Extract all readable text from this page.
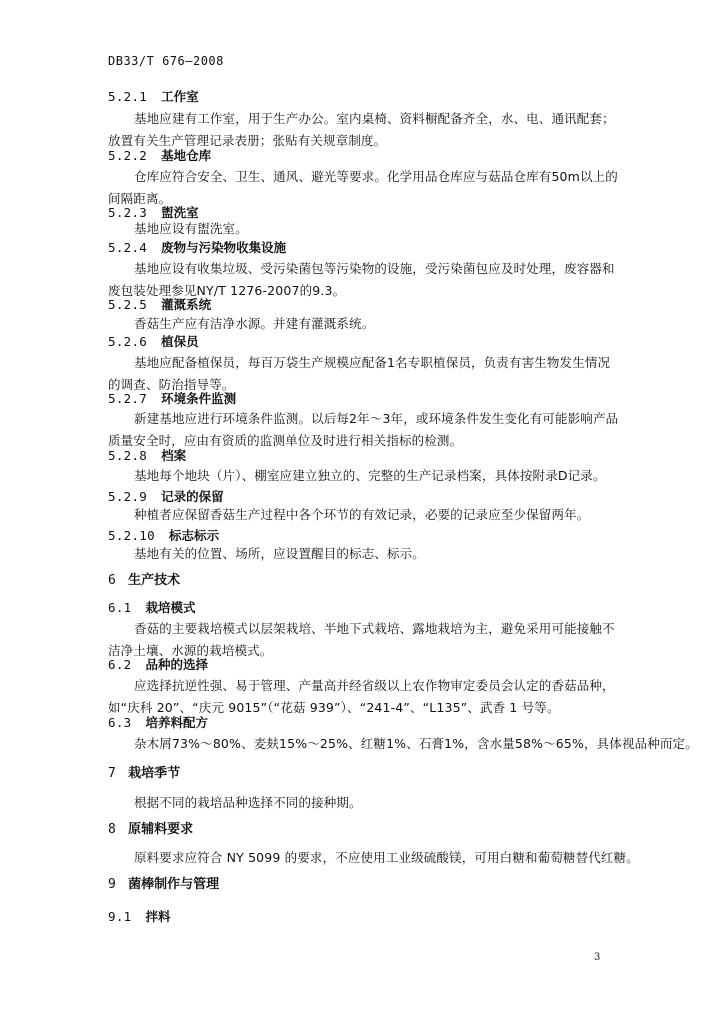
DB33/T 676—2008
5.2.1 工作室
基地应建有工作室，用于生产办公。室内桌椅、资料橱配备齐全，水、电、通讯配套；
放置有关生产管理记录表册；张贴有关规章制度。
5.2.2 基地仓库
仓库应符合安全、卫生、通风、避光等要求。化学用品仓库应与菇品仓库有50m以上的
间隔距离。
5.2.3 盥洗室
基地应设有盥洗室。
5.2.4 废物与污染物收集设施
基地应设有收集垃圾、受污染菌包等污染物的设施，受污染菌包应及时处理，废容器和
废包装处理参见NY/T 1276-2007的9.3。
5.2.5 灌溉系统
香菇生产应有洁净水源。并建有灌溉系统。
5.2.6 植保员
基地应配备植保员，每百万袋生产规模应配备1名专职植保员，负责有害生物发生情况
的调查、防治指导等。
5.2.7 环境条件监测
新建基地应进行环境条件监测。以后每2年～3年，或环境条件发生变化有可能影响产品
质量安全时，应由有资质的监测单位及时进行相关指标的检测。
5.2.8 档案
基地每个地块（片）、棚室应建立独立的、完整的生产记录档案，具体按附录D记录。
5.2.9 记录的保留
种植者应保留香菇生产过程中各个环节的有效记录，必要的记录应至少保留两年。
5.2.10 标志标示
基地有关的位置、场所，应设置醒目的标志、标示。
6 生产技术
6.1 栽培模式
香菇的主要栽培模式以层架栽培、半地下式栽培、露地栽培为主，避免采用可能接触不
洁净土壤、水源的栽培模式。
6.2 品种的选择
应选择抗逆性强、易于管理、产量高并经省级以上农作物审定委员会认定的香菇品种，
如“庆科 20”、“庆元 9015”（“花菇 939”）、“241-4”、“L135”、武香 1 号等。
6.3 培养料配方
杂木屑73%～80%、麦麸15%～25%、红糖1%、石膏1%，含水量58%～65%，具体视品种而定。
7 栽培季节
根据不同的栽培品种选择不同的接种期。
8 原辅料要求
原料要求应符合 NY 5099 的要求，不应使用工业级硫酸镁，可用白糖和葡萄糖替代红糖。
9 菌棒制作与管理
9.1 拌料
3
